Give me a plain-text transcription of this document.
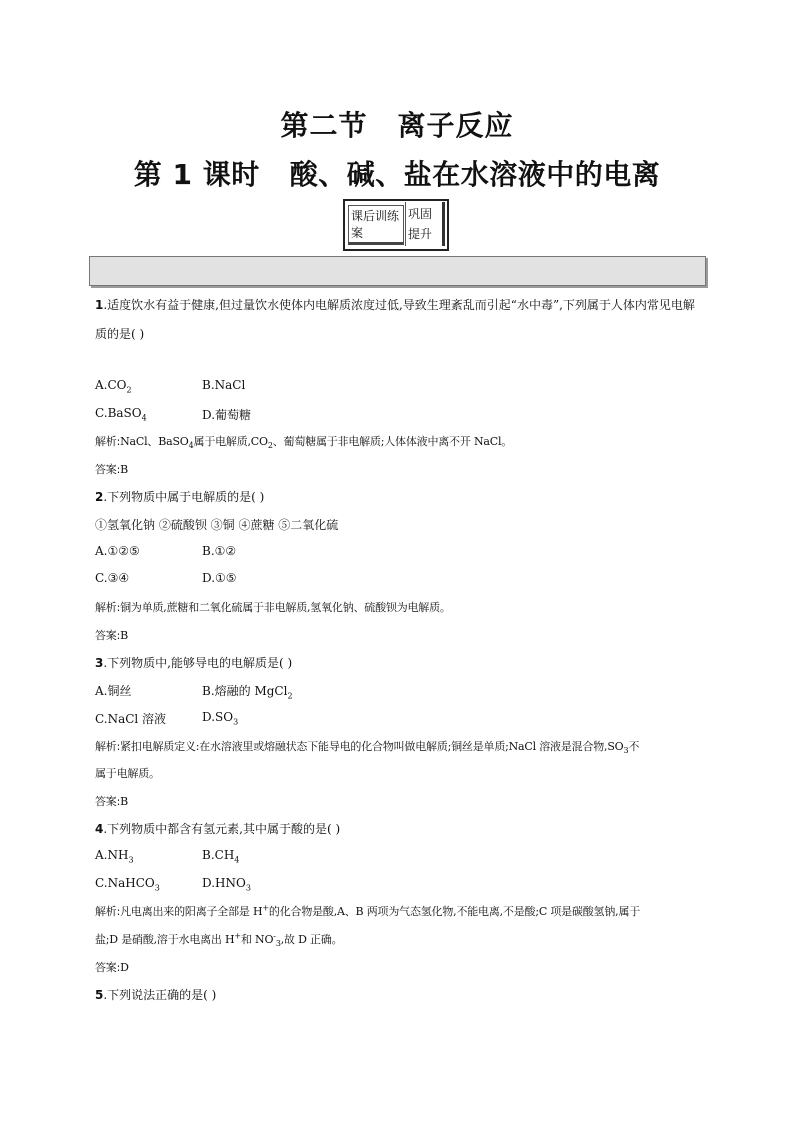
第二节 离子反应
第 1 课时 酸、碱、盐在水溶液中的电离
课后训练案
巩固提升
1.适度饮水有益于健康,但过量饮水使体内电解质浓度过低,导致生理紊乱而引起“水中毒”,下列属于人体内常见电解
质的是( )
$A.CO_2$	B.NaCl
C.BaSO$_4$	D.葡萄糖
解析:NaCl、BaSO$_4$属于电解质$,CO_2$、葡萄糖属于非电解质;人体体液中离不开 NaCl。
答案:B
2.下列物质中属于电解质的是( )
①氢氧化钠 ②硫酸钡 ③铜 ④蔗糖 ⑤二氧化硫
A.①②⑤	B.①②
C.③④	D.①⑤
解析:铜为单质,蔗糖和二氧化硫属于非电解质,氢氧化钠、硫酸钡为电解质。
答案:B
3.下列物质中,能够导电的电解质是( )
A.铜丝	B.熔融的 MgCl$_2$
C.NaCl 溶液	$D.SO_3$
解析:紧扣电解质定义:在水溶液里或熔融状态下能导电的化合物叫做电解质;铜丝是单质;NaCl 溶液是混合物$,SO_3$不
属于电解质。
答案:B
4.下列物质中都含有氢元素,其中属于酸的是( )
$A.NH_3$	$B.CH_4$
C.NaHCO$_3$	$D.HNO_3$
解析:凡电离出来的阳离子全部是 H+的化合物是酸,A、B 两项为气态氢化物,不能电离,不是酸;C 项是碳酸氢钠,属于
盐;D 是硝酸,溶于水电离出 H+和 $NO^-_3$,故 D 正确。
答案:D
5.下列说法正确的是( )
